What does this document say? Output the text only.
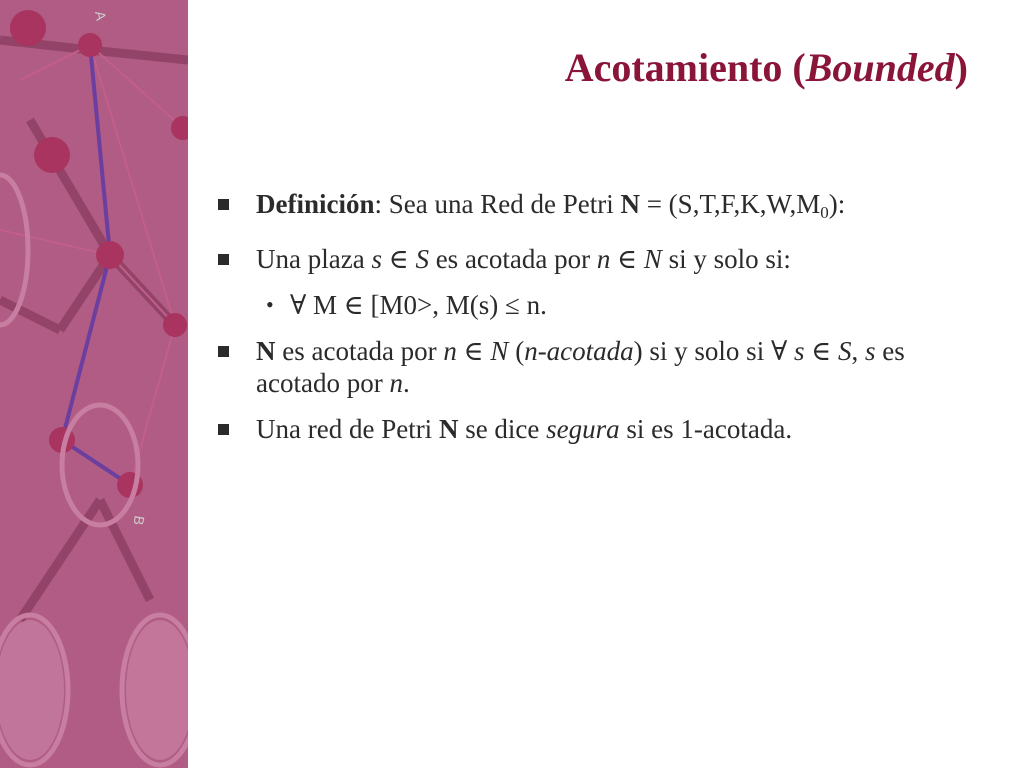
A
B
Acotamiento (Bounded)
Definición: Sea una Red de Petri $N = (S,T,F,K,W,M_0)$:
Una plaza s ∈ S es acotada por n ∈ N si y solo si:
• ∀ M ∈ [M0>, M(s) ≤ n.
N es acotada por n ∈ N (n-acotada) si y solo si ∀ s ∈ S, s es acotado por n.
Una red de Petri N se dice segura si es 1-acotada.
